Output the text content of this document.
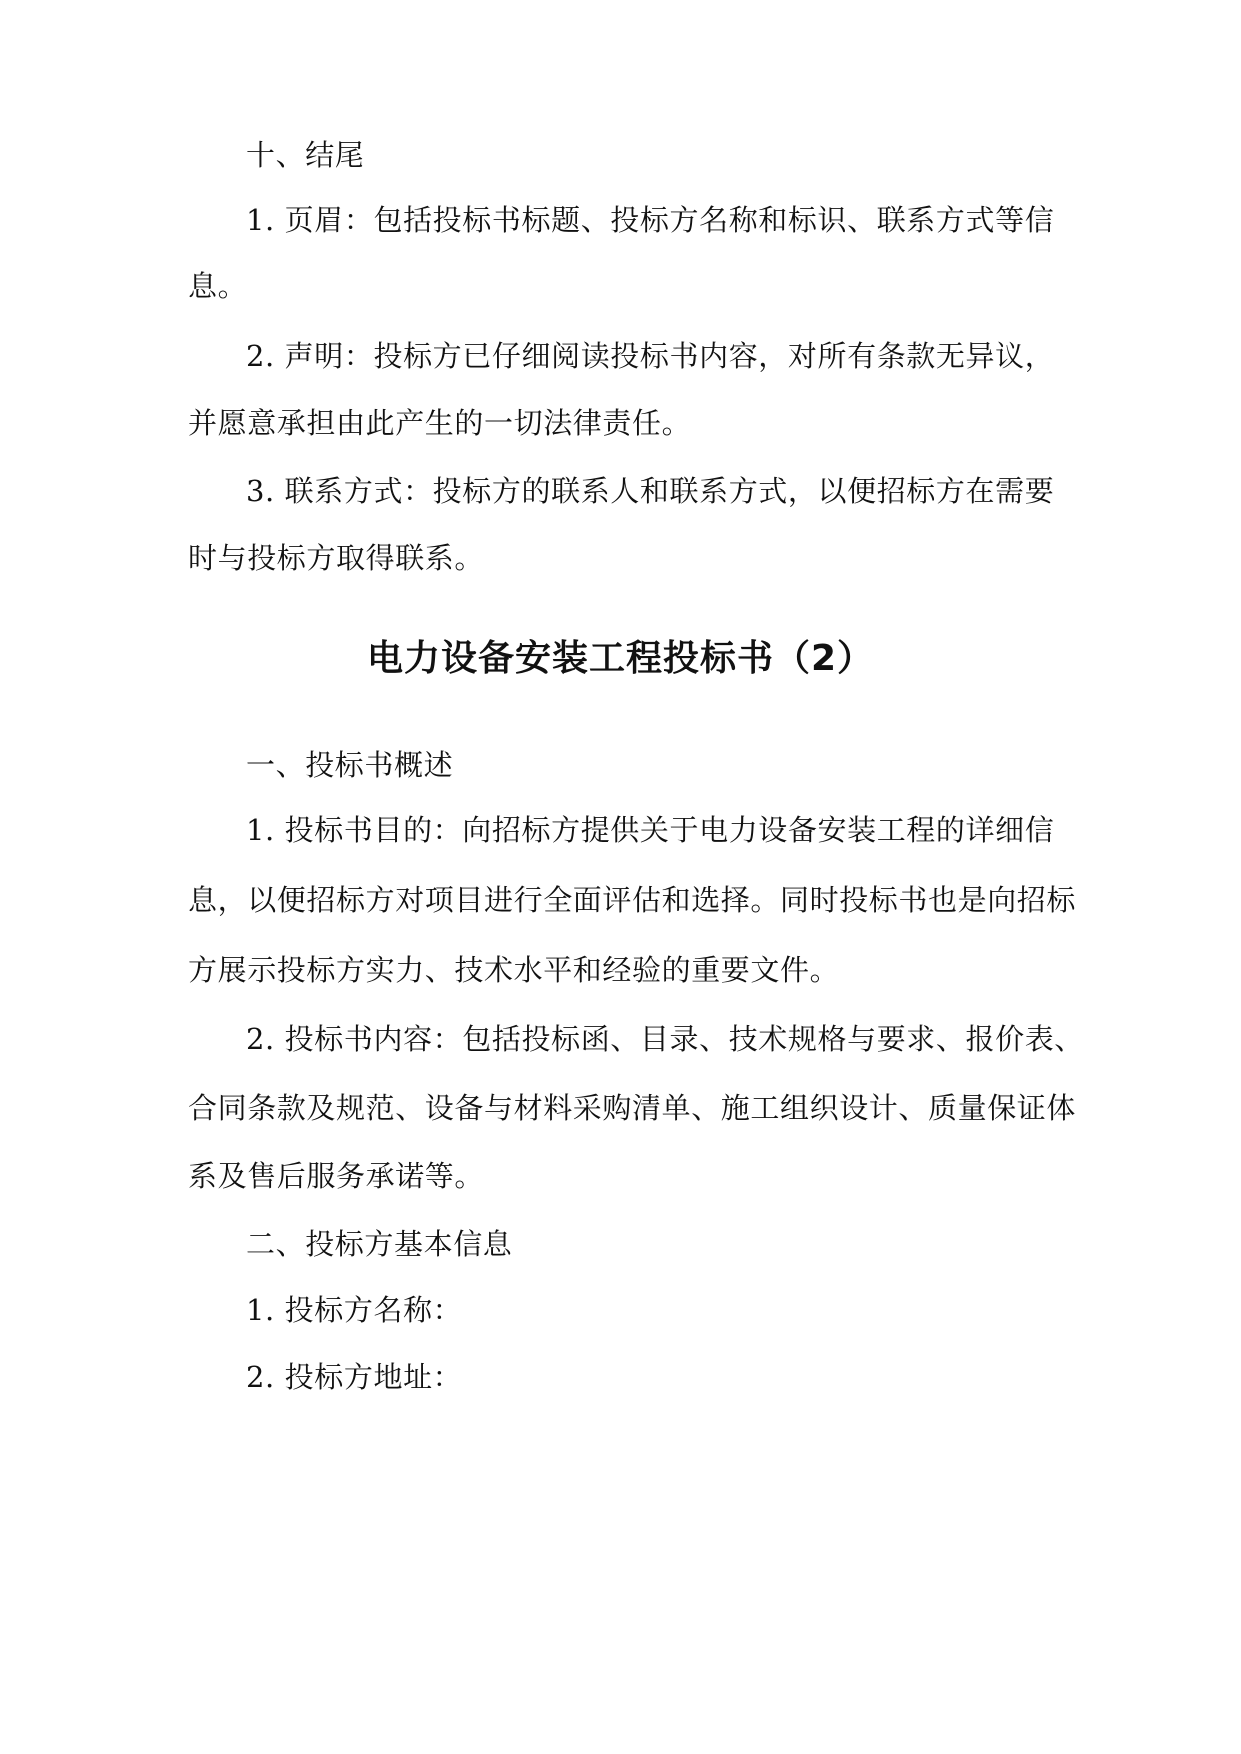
十、结尾
1. 页眉：包括投标书标题、投标方名称和标识、联系方式等信
息。
2. 声明：投标方已仔细阅读投标书内容，对所有条款无异议，
并愿意承担由此产生的一切法律责任。
3. 联系方式：投标方的联系人和联系方式，以便招标方在需要
时与投标方取得联系。
电力设备安装工程投标书（2）
一、投标书概述
1. 投标书目的：向招标方提供关于电力设备安装工程的详细信
息，以便招标方对项目进行全面评估和选择。同时投标书也是向招标
方展示投标方实力、技术水平和经验的重要文件。
2. 投标书内容：包括投标函、目录、技术规格与要求、报价表、
合同条款及规范、设备与材料采购清单、施工组织设计、质量保证体
系及售后服务承诺等。
二、投标方基本信息
1. 投标方名称：
2. 投标方地址：
